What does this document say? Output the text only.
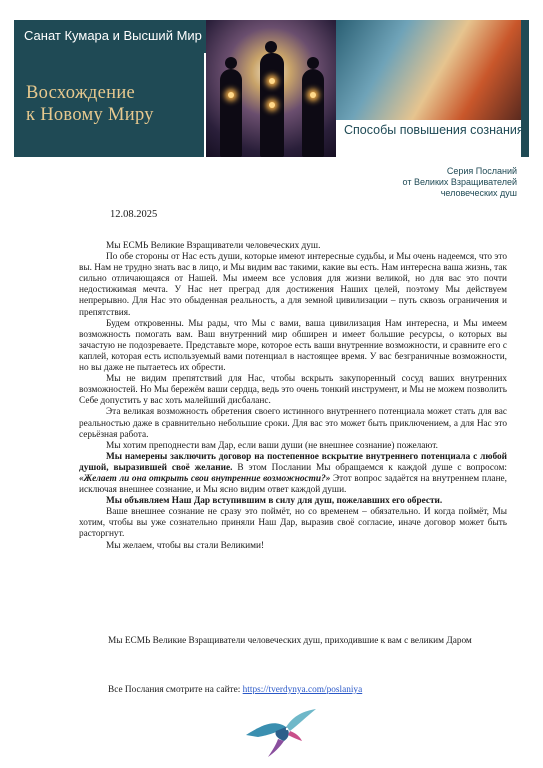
Санат Кумара и Высший Мир
Восхождение
к Новому Миру
Способы повышения сознания
Серия Посланий
от Великих Взращивателей
человеческих душ
12.08.2025

Мы ЕСМЬ Великие Взращиватели человеческих душ.

По обе стороны от Нас есть души, которые имеют интересные судьбы, и Мы очень надеемся, что это вы. Нам не трудно знать вас в лицо, и Мы видим вас такими, какие вы есть. Нам интересна ваша жизнь, так сильно отличающаяся от Нашей. Мы имеем все условия для жизни великой, но для вас это почти недостижимая мечта. У Нас нет преград для достижения Наших целей, поэтому Мы действуем непрерывно. Для Нас это обыденная реальность, а для земной цивилизации – путь сквозь ограничения и препятствия.

Будем откровенны. Мы рады, что Мы с вами, ваша цивилизация Нам интересна, и Мы имеем возможность помогать вам. Ваш внутренний мир обширен и имеет большие ресурсы, о которых вы зачастую не подозреваете. Представьте море, которое есть ваши внутренние возможности, и сравните его с каплей, которая есть используемый вами потенциал в настоящее время. У вас безграничные возможности, но вы даже не пытаетесь их обрести.

Мы не видим препятствий для Нас, чтобы вскрыть закупоренный сосуд ваших внутренних возможностей. Но Мы бережём ваши сердца, ведь это очень тонкий инструмент, и Мы не можем позволить Себе допустить у вас хоть малейший дисбаланс.

Эта великая возможность обретения своего истинного внутреннего потенциала может стать для вас реальностью даже в сравнительно небольшие сроки. Для вас это может быть приключением, а для Нас это серьёзная работа.

Мы хотим преподнести вам Дар, если ваши души (не внешнее сознание) пожелают.

Мы намерены заключить договор на постепенное вскрытие внутреннего потенциала с любой душой, выразившей своё желание. В этом Послании Мы обращаемся к каждой душе с вопросом: «Желает ли она открыть свои внутренние возможности?» Этот вопрос задаётся на внутреннем плане, исключая внешнее сознание, и Мы ясно видим ответ каждой души.

Мы объявляем Наш Дар вступившим в силу для душ, пожелавших его обрести.

Ваше внешнее сознание не сразу это поймёт, но со временем – обязательно. И когда поймёт, Мы хотим, чтобы вы уже сознательно приняли Наш Дар, выразив своё согласие, иначе договор может быть расторгнут.

Мы желаем, чтобы вы стали Великими!

Мы ЕСМЬ Великие Взращиватели человеческих душ, приходившие к вам с великим Даром
Все Послания смотрите на сайте: https://tverdynya.com/poslaniya
